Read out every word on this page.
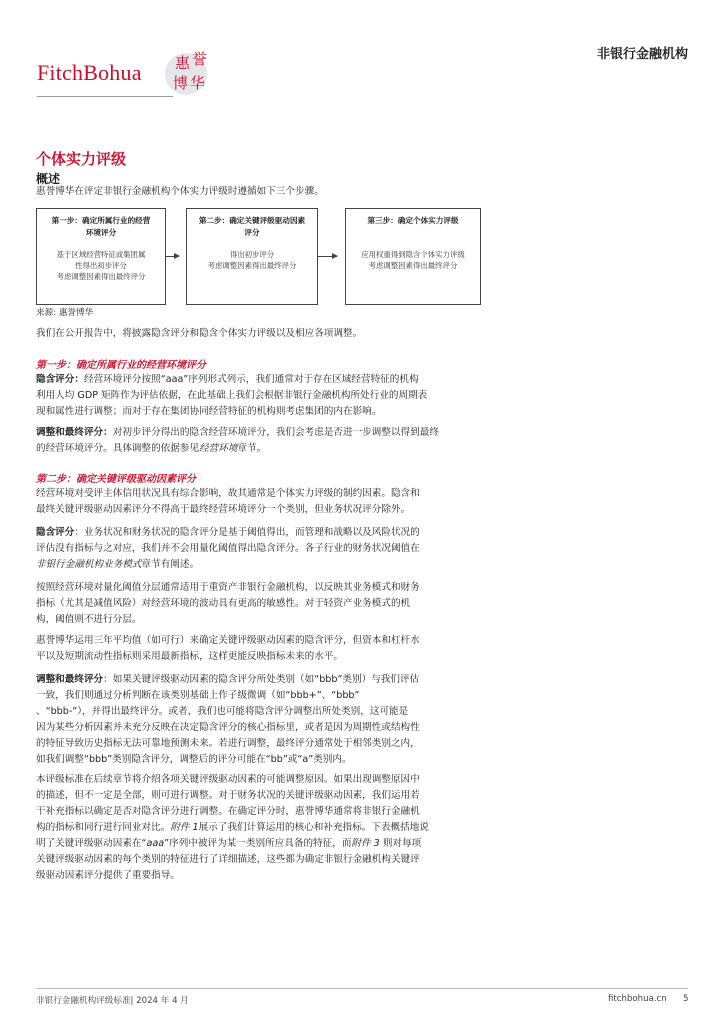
FitchBohua 惠 誉
博 华
非银行金融机构
个体实力评级
概述
惠誉博华在评定非银行金融机构个体实力评级时遵循如下三个步骤。
第一步：确定所属行业的经营
环境评分
基于区域经营特征或集团属
性得出初步评分
考虑调整因素得出最终评分
第二步：确定关键评级驱动因素
评分
得出初步评分
考虑调整因素得出最终评分
第三步：确定个体实力评级
应用权重得到隐含个体实力评级
考虑调整因素得出最终评分
来源: 惠誉博华
我们在公开报告中，将披露隐含评分和隐含个体实力评级以及相应各项调整。
第一步：确定所属行业的经营环境评分
隐含评分：经营环境评分按照“aaa”序列形式列示，我们通常对于存在区域经营特征的机构
利用人均 GDP 矩阵作为评估依据，在此基础上我们会根据非银行金融机构所处行业的周期表
现和属性进行调整；而对于存在集团协同经营特征的机构则考虑集团的内在影响。
调整和最终评分：对初步评分得出的隐含经营环境评分，我们会考虑是否进一步调整以得到最终
的经营环境评分。具体调整的依据参见经营环境章节。
第二步：确定关键评级驱动因素评分
经营环境对受评主体信用状况具有综合影响，故其通常是个体实力评级的制约因素。隐含和
最终关键评级驱动因素评分不得高于最终经营环境评分一个类别，但业务状况评分除外。
隐含评分：业务状况和财务状况的隐含评分是基于阈值得出，而管理和战略以及风险状况的
评估没有指标与之对应，我们并不会用量化阈值得出隐含评分。各子行业的财务状况阈值在
非银行金融机构业务模式章节有阐述。
按照经营环境对量化阈值分层通常适用于重资产非银行金融机构，以反映其业务模式和财务
指标（尤其是减值风险）对经营环境的波动具有更高的敏感性。对于轻资产业务模式的机
构，阈值则不进行分层。
惠誉博华运用三年平均值（如可行）来确定关键评级驱动因素的隐含评分，但资本和杠杆水
平以及短期流动性指标则采用最新指标，这样更能反映指标未来的水平。
调整和最终评分：如果关键评级驱动因素的隐含评分所处类别（如“bbb”类别）与我们评估
一致，我们则通过分析判断在该类别基础上作子级微调（如“bbb+”、“bbb”
、“bbb-”），并得出最终评分。或者，我们也可能将隐含评分调整出所处类别，这可能是
因为某些分析因素并未充分反映在决定隐含评分的核心指标里，或者是因为周期性或结构性
的特征导致历史指标无法可靠地预测未来。若进行调整，最终评分通常处于相邻类别之内，
如我们调整“bbb”类别隐含评分，调整后的评分可能在“bb”或“a”类别内。
本评级标准在后续章节将介绍各项关键评级驱动因素的可能调整原因。如果出现调整原因中
的描述，但不一定是全部，则可进行调整。对于财务状况的关键评级驱动因素，我们运用若
干补充指标以确定是否对隐含评分进行调整。在确定评分时，惠誉博华通常将非银行金融机
构的指标和同行进行同业对比。附件 1展示了我们计算运用的核心和补充指标。下表概括地说
明了关键评级驱动因素在“aaa”序列中被评为某一类别所应具备的特征，而附件 3 则对每项
关键评级驱动因素的每个类别的特征进行了详细描述，这些都为确定非银行金融机构关键评
级驱动因素评分提供了重要指导。
非银行金融机构评级标准| 2024 年 4 月	fitchbohua.cn 5
